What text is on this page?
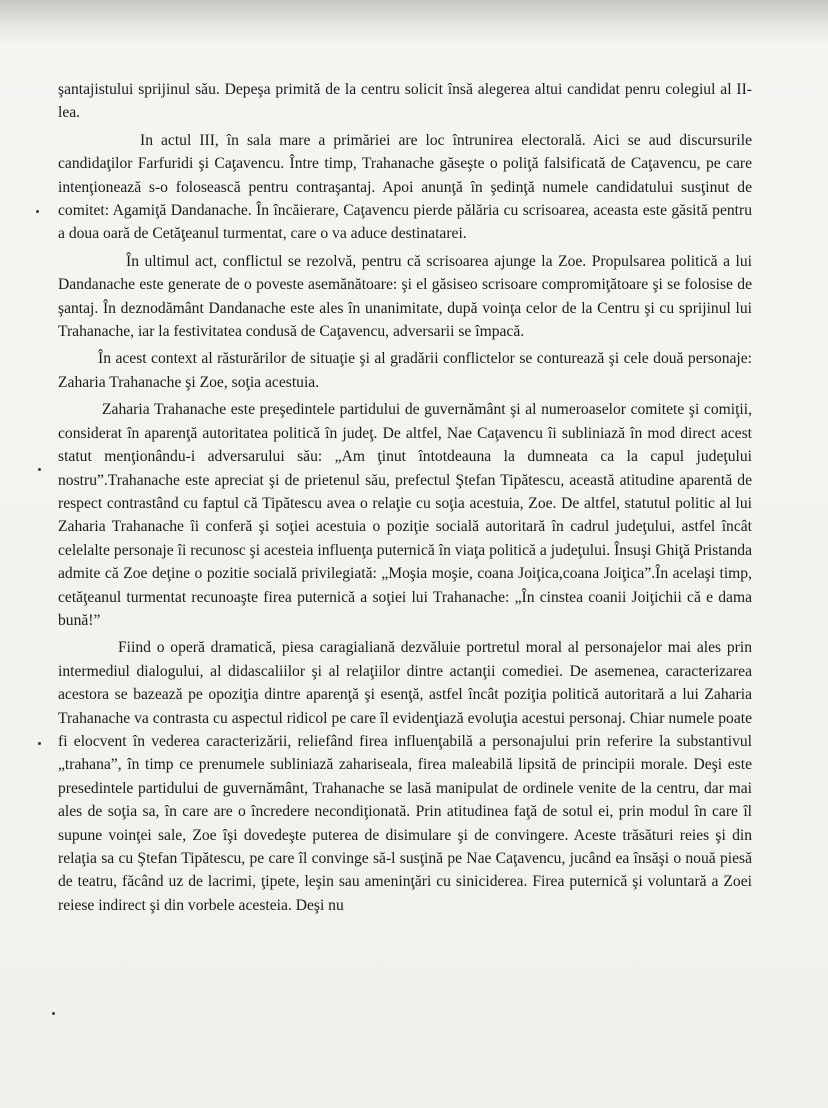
şantajistului sprijinul său. Depeşa primită de la centru solicit însă alegerea altui candidat penru colegiul al II-lea.

In actul III, în sala mare a primăriei are loc întrunirea electorală. Aici se aud discursurile candidaţilor Farfuridi şi Caţavencu. Între timp, Trahanache găseşte o poliţă falsificată de Caţavencu, pe care intenţionează s-o folosească pentru contraşantaj. Apoi anunţă în şedinţă numele candidatului susţinut de comitet: Agamiţă Dandanache. În încăierare, Caţavencu pierde pălăria cu scrisoarea, aceasta este găsită pentru a doua oară de Cetăţeanul turmentat, care o va aduce destinatarei.

În ultimul act, conflictul se rezolvă, pentru că scrisoarea ajunge la Zoe. Propulsarea politică a lui Dandanache este generate de o poveste asemănătoare: şi el găsiseo scrisoare compromiţătoare şi se folosise de şantaj. În deznodământ Dandanache este ales în unanimitate, după voinţa celor de la Centru şi cu sprijinul lui Trahanache, iar la festivitatea condusă de Caţavencu, adversarii se împacă.

În acest context al răsturărilor de situaţie şi al gradării conflictelor se conturează şi cele două personaje: Zaharia Trahanache şi Zoe, soţia acestuia.

Zaharia Trahanache este preşedintele partidului de guvernământ şi al numeroaselor comitete şi comiţii, considerat în aparenţă autoritatea politică în judeţ. De altfel, Nae Caţavencu îi subliniază în mod direct acest statut menţionându-i adversarului său: „Am ţinut întotdeauna la dumneata ca la capul judeţului nostru”.Trahanache este apreciat şi de prietenul său, prefectul Ştefan Tipătescu, această atitudine aparentă de respect contrastând cu faptul că Tipătescu avea o relaţie cu soţia acestuia, Zoe. De altfel, statutul politic al lui Zaharia Trahanache îi conferă şi soţiei acestuia o poziţie socială autoritară în cadrul judeţului, astfel încât celelalte personaje îi recunosc şi acesteia influenţa puternică în viaţa politică a judeţului. Însuşi Ghiţă Pristanda admite că Zoe deţine o pozitie socială privilegiată: „Moşia moşie, coana Joiţica,coana Joiţica”.În acelaşi timp, cetăţeanul turmentat recunoaşte firea puternică a soţiei lui Trahanache: „În cinstea coanii Joiţichii că e dama bună!”

Fiind o operă dramatică, piesa caragialiană dezvăluie portretul moral al personajelor mai ales prin intermediul dialogului, al didascaliilor şi al relaţiilor dintre actanţii comediei. De asemenea, caracterizarea acestora se bazează pe opoziţia dintre aparenţă şi esenţă, astfel încât poziţia politică autoritară a lui Zaharia Trahanache va contrasta cu aspectul ridicol pe care îl evidenţiază evoluţia acestui personaj. Chiar numele poate fi elocvent în vederea caracterizării, reliefând firea influenţabilă a personajului prin referire la substantivul „trahana”, în timp ce prenumele subliniază zaharisealа, firea maleabilă lipsită de principii morale. Deşi este presedintele partidului de guvernământ, Trahanache se lasă manipulat de ordinele venite de la centru, dar mai ales de soţia sa, în care are o încredere necondiţionată. Prin atitudinea faţă de sotul ei, prin modul în care îl supune voinţei sale, Zoe îşi dovedeşte puterea de disimulare şi de convingere. Aceste trăsături reies şi din relaţia sa cu Ştefan Tipătescu, pe care îl convinge să-l susţină pe Nae Caţavencu, jucând ea însăşi o nouă piesă de teatru, făcând uz de lacrimi, ţipete, leşin sau ameninţări cu siniciderea. Firea puternică şi voluntară a Zoei reiese indirect şi din vorbele acesteia. Deşi nu
